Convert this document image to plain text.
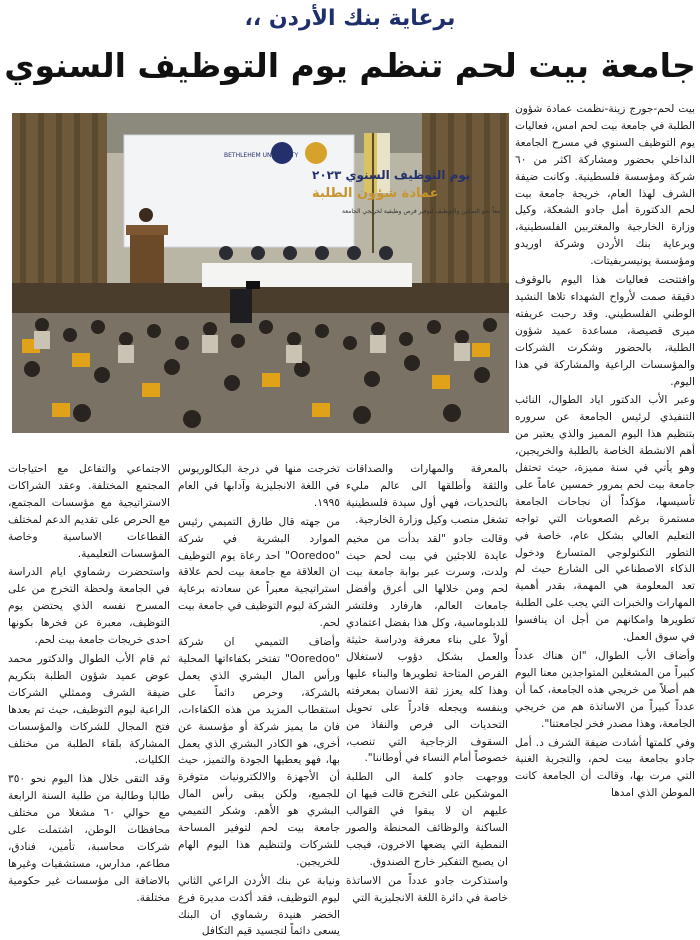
برعاية بنك الأردن ،،
جامعة بيت لحم تنظم يوم التوظيف السنوي
BETHLEHEM UNIVERSITY
يوم التوظيف السنوي ٢٠٢٣
عمادة شؤون الطلبة
معاً نحو التمكين والتوظيف لتوفير فرص وظيفية لخريجي الجامعة

بيت لحم-جورج زينة-نظمت عمادة شؤون الطلبة في جامعة بيت لحم امس، فعاليات يوم التوظيف السنوي في مسرح الجامعة الداخلي بحضور ومشاركة اكثر من ٦٠ شركة ومؤسسة فلسطينية. وكانت ضيفة الشرف لهذا العام، خريجة جامعة بيت لحم الدكتورة أمل جادو الشعكة، وكيل وزارة الخارجية والمغتربين الفلسطينية، وبرعاية بنك الأردن وشركة اوريدو ومؤسسة يونيسربفيتات.

وافتتحت فعاليات هذا اليوم بالوقوف دقيقة صمت لأرواح الشهداء تلاها النشيد الوطني الفلسطيني. وقد رحبت عريفته ميرى قصيصة، مساعدة عميد شؤون الطلبة، بالحضور وشكرت الشركات والمؤسسات الراعية والمشاركة في هذا اليوم.

وعبر الأب الدكتور اياد الطوال، النائب التنفيذي لرئيس الجامعة عن سروره بتنظيم هذا اليوم المميز والذي يعتبر من أهم الانشطة الخاصة بالطلبة والخريجين، وهو يأتي في سنة مميزة، حيث تحتفل جامعة بيت لحم بمرور خمسين عاماً على تأسيسها، مؤكداً أن نجاحات الجامعة مستمرة برغم الصعوبات التي تواجه التعليم العالي بشكل عام، خاصة في التطور التكنولوجي المتسارع ودخول الذكاء الاصطناعي الى الشارع حيث لم تعد المعلومة هي المهمة، بقدر أهمية المهارات والخبرات التي يجب على الطلبة تطويرها وامكانهم من أجل ان ينافسوا في سوق العمل.

وأضاف الأب الطوال، "ان هناك عدداً كبيراً من المشغلين المتواجدين معنا اليوم هم أصلاً من خريجي هذه الجامعة، كما أن عدداً كبيراً من الاساتذة هم من خريجي الجامعة، وهذا مصدر فخر لجامعتنا".

وفي كلمتها أشادت ضيفة الشرف د. أمل جادو بجامعة بيت لحم، والتجربة الغنية التي مرت بها، وقالت أن الجامعة كانت الموطن الذي امدها

بالمعرفة والمهارات والصداقات والثقة وأطلقها الى عالم مليء بالتحديات، فهي أول سيدة فلسطينية تشغل منصب وكيل وزارة الخارجية.

وقالت جادو "لقد بدأت من مخيم عايدة للاجئين في بيت لحم حيث ولدت، وسرت عبر بوابة جامعة بيت لحم ومن خلالها الى أعرق وأفضل جامعات العالم، هارفارد وفلتشر للدبلوماسية، وكل هذا بفضل اعتمادي أولاً على بناء معرفة ودراسة حثيثة والعمل بشكل دؤوب لاستغلال الفرص المتاحة تطويرها والبناء عليها وهذا كله يعزز ثقة الانسان بمعرفته وبنفسه ويجعله قادراً على تحويل التحديات الى فرص والنفاذ من السقوف الزجاجية التي تنصب، خصوصاً أمام النساء في أوطاننا".

ووجهت جادو كلمة الى الطلبة الموشكين على التخرج قالت فيها ان عليهم ان لا يبقوا في القوالب الساكنة والوظائف المحنطة والصور النمطية التي يضعها الاخرون، فيجب ان يصبح التفكير خارج الصندوق.

واستذكرت جادو عدداً من الاساتذة خاصة في دائرة اللغة الانجليزية التي

تخرجت منها في درجة البكالوريوس في اللغة الانجليزية وآدابها في العام ١٩٩٥.

من جهته قال طارق التميمي رئيس الموارد البشرية في شركة "Ooredoo" احد رعاة يوم التوظيف ان العلاقة مع جامعة بيت لحم علاقة استراتيجية معبراً عن سعادته برعاية الشركة ليوم التوظيف في جامعة بيت لحم.

وأضاف التميمي ان شركة "Ooredoo" تفتخر بكفاءاتها المحلية ورأس المال البشري الذي يعمل بالشركة، وحرص دائماً على استقطاب المزيد من هذه الكفاءات، فان ما يميز شركة أو مؤسسة عن أخرى، هو الكادر البشري الذي يعمل بها، فهو يعطيها الجودة والتميز، حيث أن الأجهزة والالكترونيات متوفرة للجميع، ولكن يبقى رأس المال البشري هو الأهم. وشكر التميمي جامعة بيت لحم لتوفير المساحة للشركات ولتنظيم هذا اليوم الهام للخريجين.

ونيابة عن بنك الأردن الراعي الثاني ليوم التوظيف، فقد أكدت مديرة فرع الخضر هنيدة رشماوي ان البنك يسعى دائماً لتجسيد قيم التكافل

الاجتماعي والتفاعل مع احتياجات المجتمع المختلفة. وعقد الشراكات الاستراتيجية مع مؤسسات المجتمع، مع الحرص على تقديم الدعم لمختلف القطاعات الاساسية وخاصة المؤسسات التعليمية.

واستحضرت رشماوي ايام الدراسة في الجامعة ولحظة التخرج من على المسرح نفسه الذي يحتضن يوم التوظيف، معبرة عن فخرها بكونها احدى خريجات جامعة بيت لحم.

ثم قام الأب الطوال والدكتور محمد عوض عميد شؤون الطلبة بتكريم ضيفة الشرف وممثلي الشركات الراعية ليوم التوظيف، حيث تم بعدها فتح المجال للشركات والمؤسسات المشاركة بلقاء الطلبة من مختلف الكليات.

وقد التقى خلال هذا اليوم نحو ٣٥٠ طالبا وطالبة من طلبة السنة الرابعة مع حوالي ٦٠ مشغلا من مختلف محافظات الوطن، اشتملت على شركات محاسبة، تأمين، فنادق، مطاعم، مدارس، مستشفيات وغيرها بالاضافة الى مؤسسات غير حكومية مختلفة.
